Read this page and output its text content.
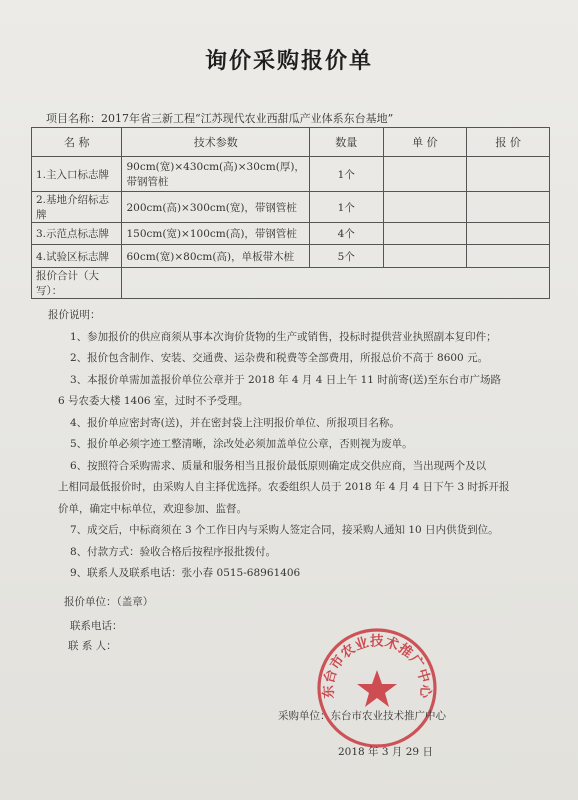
询价采购报价单
项目名称：2017年省三新工程“江苏现代农业西甜瓜产业体系东台基地”
名 称	技术参数	数量	单 价	报 价
1.主入口标志牌	90cm(宽)×430cm(高)×30cm(厚)，带钢管桩	1个		
2.基地介绍标志牌	200cm(高)×300cm(宽)，带钢管桩	1个		
3.示范点标志牌	150cm(宽)×100cm(高)，带钢管桩	4个		
4.试验区标志牌	60cm(宽)×80cm(高)，单板带木桩	5个		
报价合计（大写）：				

报价说明：

1、参加报价的供应商须从事本次询价货物的生产或销售，投标时提供营业执照副本复印件；

2、报价包含制作、安装、交通费、运杂费和税费等全部费用，所报总价不高于 8600 元。

3、本报价单需加盖报价单位公章并于 2018 年 4 月 4 日上午 11 时前寄(送)至东台市广场路

6 号农委大楼 1406 室，过时不予受理。

4、报价单应密封寄(送)，并在密封袋上注明报价单位、所报项目名称。

5、报价单必须字迹工整清晰，涂改处必须加盖单位公章，否则视为废单。

6、按照符合采购需求、质量和服务相当且报价最低原则确定成交供应商，当出现两个及以

上相同最低报价时，由采购人自主择优选择。农委组织人员于 2018 年 4 月 4 日下午 3 时拆开报

价单，确定中标单位，欢迎参加、监督。

7、成交后，中标商须在 3 个工作日内与采购人签定合同，接采购人通知 10 日内供货到位。

8、付款方式：验收合格后按程序报批拨付。

9、联系人及联系电话：张小春 0515-68961406

报价单位：（盖章）
联系电话：
联 系 人：
东台市农业技术推广中心
采购单位：东台市农业技术推广中心
2018 年 3 月 29 日
